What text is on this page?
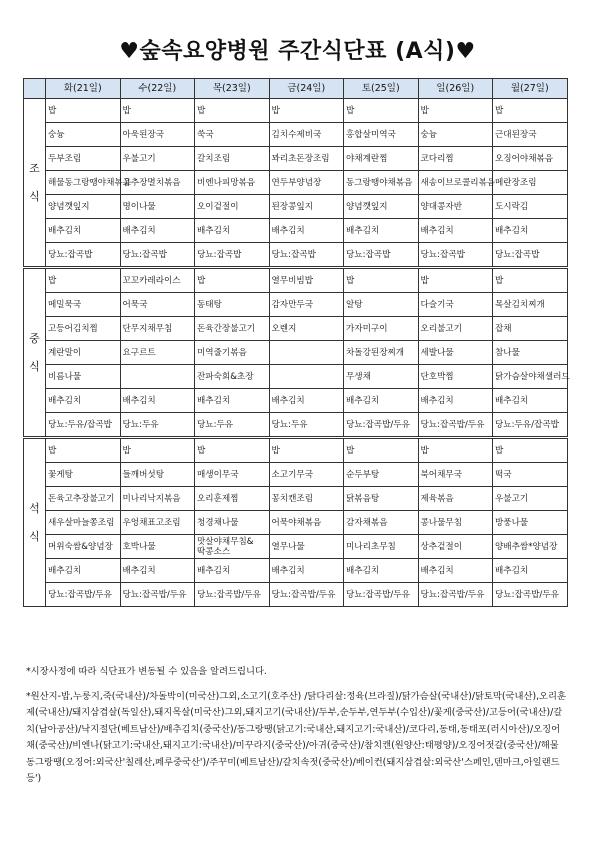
♥숲속요양병원 주간식단표 (A식)♥
	화(21일)	수(22일)	목(23일)	금(24일)	토(25일)	일(26일)	월(27일)

조

식	밥	밥	밥	밥	밥	밥	밥
	숭늉	아욱된장국	쑥국	김치수제비국	홍합살미역국	숭늉	근대된장국
	두부조림	우불고기	갈치조림	꽈리초돈장조림	야채계란찜	코다리찜	오징어야채볶음
	해물동그랑땡야채볶음	고추장멸치볶음	비엔나피망볶음	연두부양념장	동그랑땡야채볶음	새송이브로콜리볶음	메란장조림
	양념깻잎지	명이나물	오이겉절이	된장콩잎지	양념깻잎지	양대콩자반	도시락김
	배추김치	배추김치	배추김치	배추김치	배추김치	배추김치	배추김치
	당뇨:잡곡밥	당뇨:잡곡밥	당뇨:잡곡밥	당뇨:잡곡밥	당뇨:잡곡밥	당뇨:잡곡밥	당뇨:잡곡밥

중

식	밥	꼬꼬카레라이스	밥	열무비빔밥	밥	밥	밥
	메밀묵국	어묵국	동태탕	감자만두국	알탕	다슬기국	목살김치찌개
	고등어김치찜	단무지채무침	돈육간장불고기	오렌지	가자미구이	오리불고기	잡채
	계란말이	요구르트	미역줄기볶음		차돌강된장찌개	세발나물	참나물
	비름나물		잔파숙회&초장		무생채	단호박찜	닭가슴살야채샐러드
	배추김치	배추김치	배추김치	배추김치	배추김치	배추김치	배추김치
	당뇨:두유/잡곡밥	당뇨:두유	당뇨:두유	당뇨:두유	당뇨:잡곡밥/두유	당뇨:잡곡밥/두유	당뇨:두유/잡곡밥

석

식	밥	밥	밥	밥	밥	밥	밥
	꽃게탕	들깨버섯탕	매생이무국	소고기무국	순두부탕	북어채무국	떡국
	돈육고추장불고기	미나리낙지볶음	오리훈제찜	꽁치캔조림	닭볶음탕	제육볶음	우불고기
	새우살마늘쫑조림	우엉채표고조림	청경채나물	어묵야채볶음	감자채볶음	콩나물무침	방풍나물
	머위숙쌈&양념장	호박나물	맛살야채무침&딱콩소스	열무나물	미나리초무침	상추겉절이	양배추쌈*양념장
	배추김치	배추김치	배추김치	배추김치	배추김치	배추김치	배추김치
	당뇨:잡곡밥/두유	당뇨:잡곡밥/두유	당뇨:잡곡밥/두유	당뇨:잡곡밥/두유	당뇨:잡곡밥/두유	당뇨:잡곡밥/두유	당뇨:잡곡밥/두유

*시장사정에 따라 식단표가 변동될 수 있음을 알려드립니다.

*원산지-밥,누룽지,죽(국내산)/차돌박이(미국산)그외,소고기(호주산) /닭다리살:정육(브라질)/닭가슴살(국내산)/닭토막(국내산),오리훈제(국내산)/돼지삼겹살(독일산),돼지목살(미국산)그외,돼지고기(국내산)/두부,순두부,연두부(수입산)/꽃게(중국산)/고등어(국내산)/갈치(남아공산)/낙지절단(베트남산)/배추김치(중국산)/동그랑땡(닭고기:국내산,돼지고기:국내산)/코다리,동태,동태포(러시아산)/오징어채(중국산)/비엔나(닭고기:국내산,돼지고기:국내산)/미꾸라지(중국산)/아귀(중국산)/참치캔(원양산:태평양)/오징어젓갈(중국산)/해물동그랑땡(오징어:외국산'칠레산,페루중국산')/주꾸미(베트남산)/갈치속젓(중국산)/베이컨(돼지삼겹살:외국산'스페인,덴마크,아일랜드등')
